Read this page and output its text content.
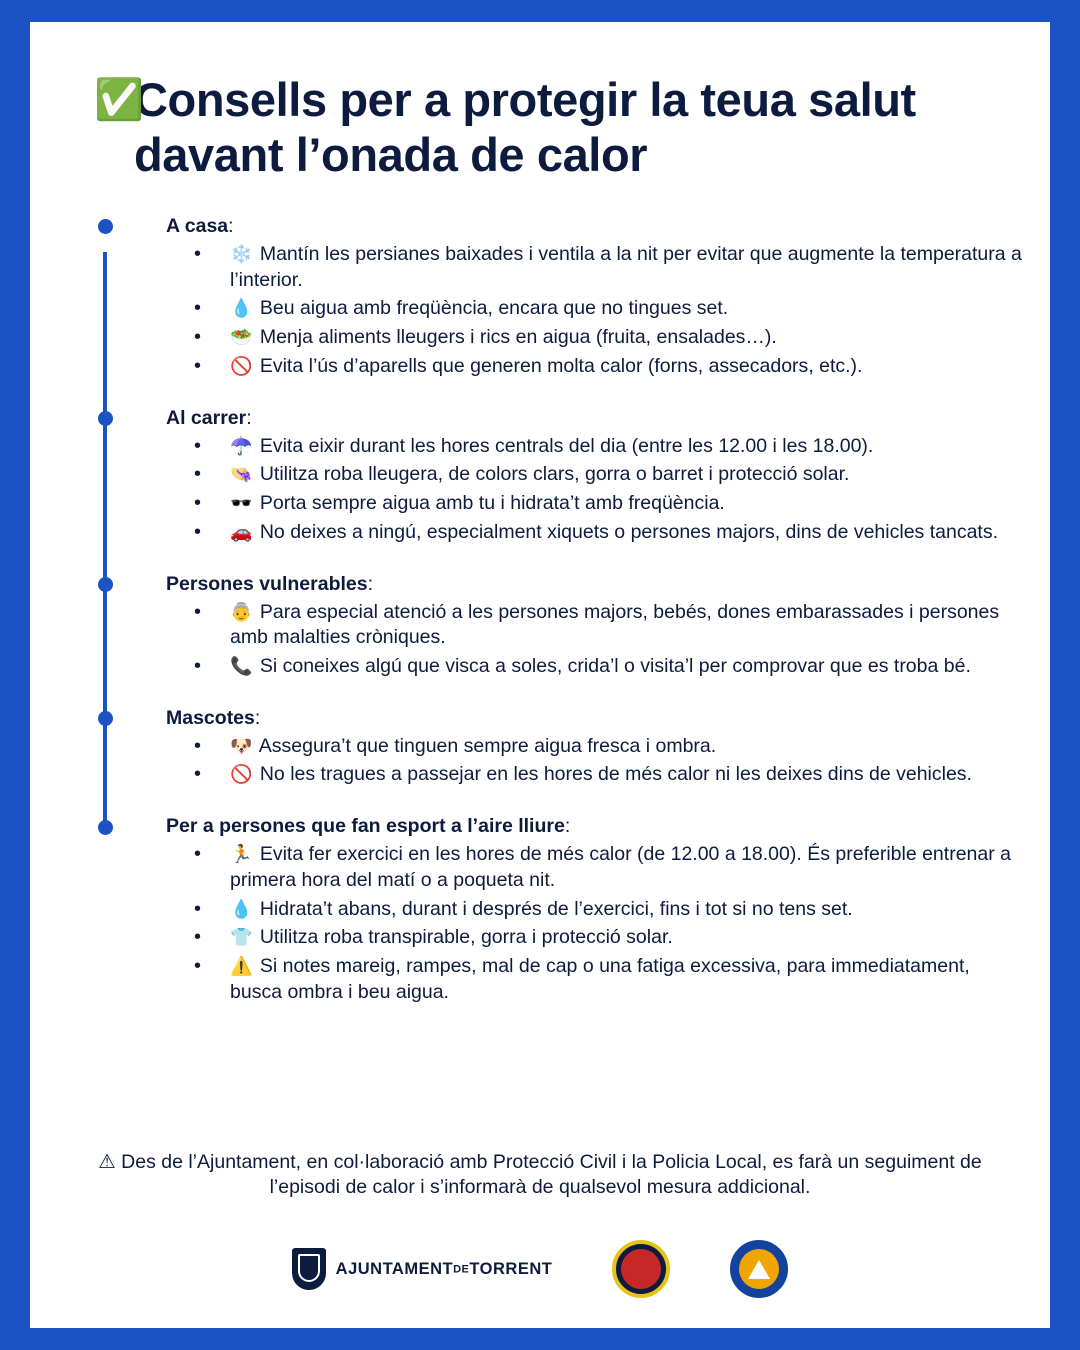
✅
Consells per a protegir la teua salut davant l’onada de calor
A casa:
• ❄️ Mantín les persianes baixades i ventila a la nit per evitar que augmente la temperatura a l’interior.
• 💧 Beu aigua amb freqüència, encara que no tingues set.
• 🥗 Menja aliments lleugers i rics en aigua (fruita, ensalades…).
• 🚫 Evita l’ús d’aparells que generen molta calor (forns, assecadors, etc.).
Al carrer:
• ☂️ Evita eixir durant les hores centrals del dia (entre les 12.00 i les 18.00).
• 👒 Utilitza roba lleugera, de colors clars, gorra o barret i protecció solar.
• 🕶️ Porta sempre aigua amb tu i hidrata’t amb freqüència.
• 🚗 No deixes a ningú, especialment xiquets o persones majors, dins de vehicles tancats.
Persones vulnerables:
• 👵 Para especial atenció a les persones majors, bebés, dones embarassades i persones amb malalties cròniques.
• 📞 Si coneixes algú que visca a soles, crida’l o visita’l per comprovar que es troba bé.
Mascotes:
• 🐶 Assegura’t que tinguen sempre aigua fresca i ombra.
• 🚫 No les tragues a passejar en les hores de més calor ni les deixes dins de vehicles.
Per a persones que fan esport a l’aire lliure:
• 🏃 Evita fer exercici en les hores de més calor (de 12.00 a 18.00). És preferible entrenar a primera hora del matí o a poqueta nit.
• 💧 Hidrata’t abans, durant i després de l’exercici, fins i tot si no tens set.
• 👕 Utilitza roba transpirable, gorra i protecció solar.
• ⚠️ Si notes mareig, rampes, mal de cap o una fatiga excessiva, para immediatament, busca ombra i beu aigua.
⚠ Des de l’Ajuntament, en col·laboració amb Protecció Civil i la Policia Local, es farà un seguiment de l’episodi de calor i s’informarà de qualsevol mesura addicional.
AJUNTAMENTDETORRENT
